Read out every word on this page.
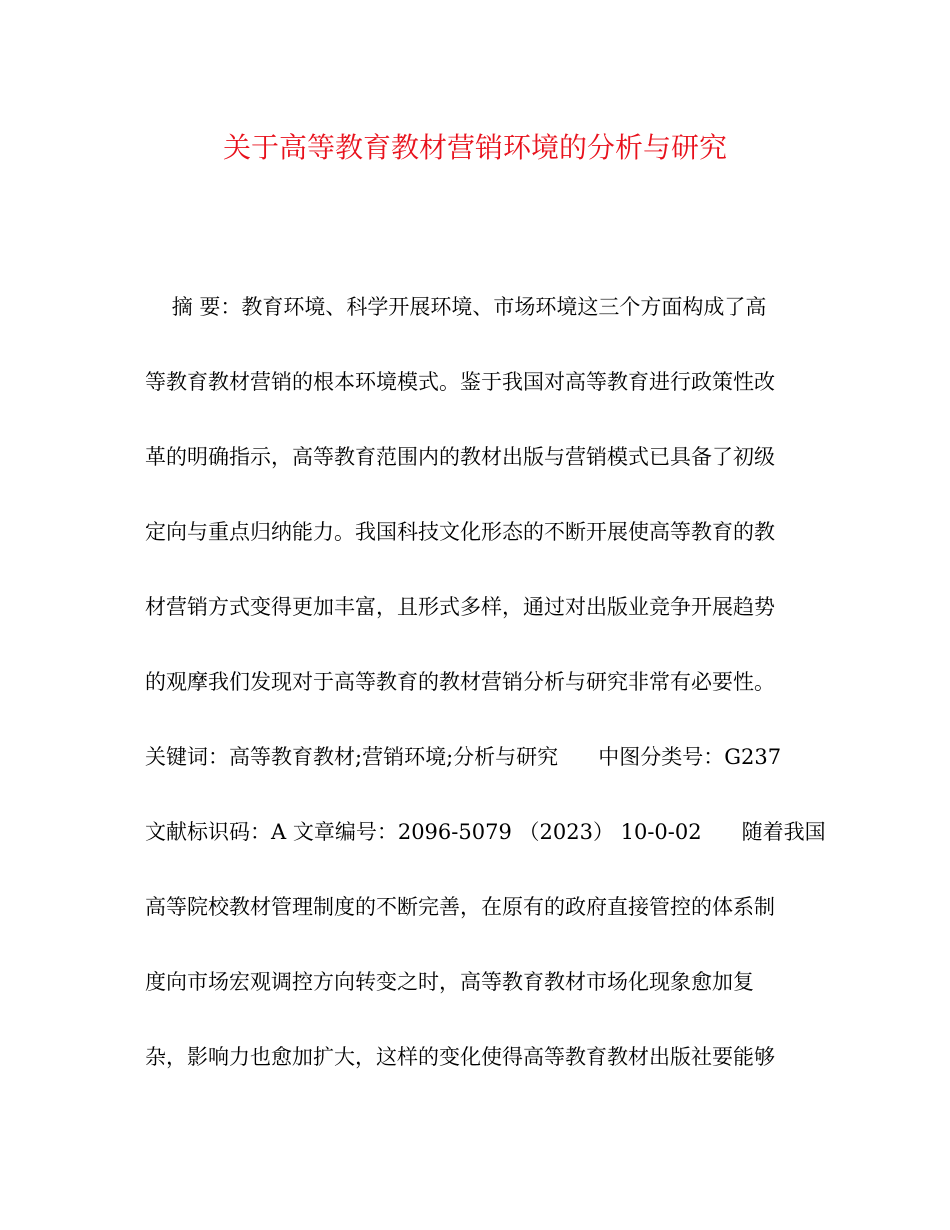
关于高等教育教材营销环境的分析与研究
摘 要：教育环境、科学开展环境、市场环境这三个方面构成了高
等教育教材营销的根本环境模式。鉴于我国对高等教育进行政策性改
革的明确指示，高等教育范围内的教材出版与营销模式已具备了初级
定向与重点归纳能力。我国科技文化形态的不断开展使高等教育的教
材营销方式变得更加丰富，且形式多样，通过对出版业竞争开展趋势
的观摩我们发现对于高等教育的教材营销分析与研究非常有必要性。
关键词：高等教育教材;营销环境;分析与研究      中图分类号：G237
文献标识码：A 文章编号：2096-5079 （2023） 10-0-02      随着我国
高等院校教材管理制度的不断完善，在原有的政府直接管控的体系制
度向市场宏观调控方向转变之时，高等教育教材市场化现象愈加复
杂，影响力也愈加扩大，这样的变化使得高等教育教材出版社要能够
